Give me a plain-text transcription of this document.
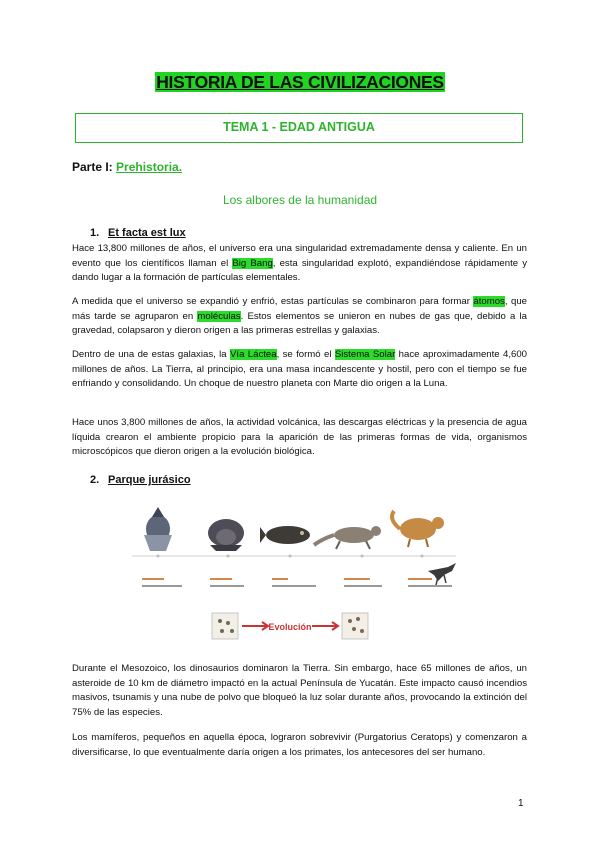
HISTORIA DE LAS CIVILIZACIONES
TEMA 1 - EDAD ANTIGUA
Parte I: Prehistoria.
Los albores de la humanidad
1. Et facta est lux

Hace 13,800 millones de años, el universo era una singularidad extremadamente densa y caliente. En un evento que los científicos llaman el Big Bang, esta singularidad explotó, expandiéndose rápidamente y dando lugar a la formación de partículas elementales.

A medida que el universo se expandió y enfrió, estas partículas se combinaron para formar átomos, que más tarde se agruparon en moléculas. Estos elementos se unieron en nubes de gas que, debido a la gravedad, colapsaron y dieron origen a las primeras estrellas y galaxias.

Dentro de una de estas galaxias, la Vía Láctea, se formó el Sistema Solar hace aproximadamente 4,600 millones de años. La Tierra, al principio, era una masa incandescente y hostil, pero con el tiempo se fue enfriando y consolidando. Un choque de nuestro planeta con Marte dio origen a la Luna.

Hace unos 3,800 millones de años, la actividad volcánica, las descargas eléctricas y la presencia de agua líquida crearon el ambiente propicio para la aparición de las primeras formas de vida, organismos microscópicos que dieron origen a la evolución biológica.

2. Parque jurásico
Evolución

Durante el Mesozoico, los dinosaurios dominaron la Tierra. Sin embargo, hace 65 millones de años, un asteroide de 10 km de diámetro impactó en la actual Península de Yucatán. Este impacto causó incendios masivos, tsunamis y una nube de polvo que bloqueó la luz solar durante años, provocando la extinción del 75% de las especies.

Los mamíferos, pequeños en aquella época, lograron sobrevivir (Purgatorius Ceratops) y comenzaron a diversificarse, lo que eventualmente daría origen a los primates, los antecesores del ser humano.

1
